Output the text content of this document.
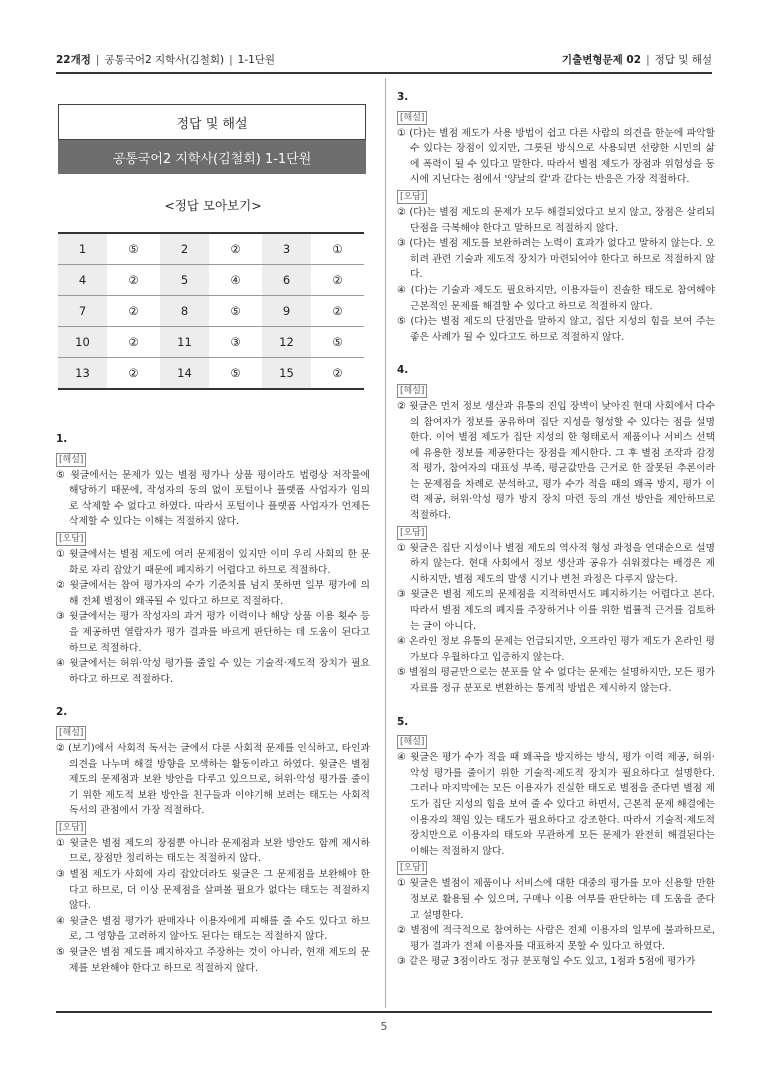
22개정 | 공통국어2 지학사(김철회) | 1-1단원	기출변형문제 02 | 정답 및 해설
정답 및 해설
공통국어2 지학사(김철회) 1-1단원
<정답 모아보기>
1	⑤	2	②	3	①
4	②	5	④	6	②
7	②	8	⑤	9	②
10	②	11	③	12	⑤
13	②	14	⑤	15	②
1.
[해설]
⑤ 윗글에서는 문제가 있는 별점 평가나 상품 평이라도 법령상 저작물에 해당하기 때문에, 작성자의 동의 없이 포털이나 플랫폼 사업자가 임의로 삭제할 수 없다고 하였다. 따라서 포털이나 플랫폼 사업자가 언제든 삭제할 수 있다는 이해는 적절하지 않다.
[오답]
① 윗글에서는 별점 제도에 여러 문제점이 있지만 이미 우리 사회의 한 문화로 자리 잡았기 때문에 폐지하기 어렵다고 하므로 적절하다.
② 윗글에서는 참여 평가자의 수가 기준치를 넘지 못하면 일부 평가에 의해 전체 별점이 왜곡될 수 있다고 하므로 적절하다.
③ 윗글에서는 평가 작성자의 과거 평가 이력이나 해당 상품 이용 횟수 등을 제공하면 열람자가 평가 결과를 바르게 판단하는 데 도움이 된다고 하므로 적절하다.
④ 윗글에서는 허위·악성 평가를 줄일 수 있는 기술적·제도적 장치가 필요하다고 하므로 적절하다.
2.
[해설]
② (보기)에서 사회적 독서는 글에서 다룬 사회적 문제를 인식하고, 타인과 의견을 나누며 해결 방향을 모색하는 활동이라고 하였다. 윗글은 별점 제도의 문제점과 보완 방안을 다루고 있으므로, 허위·악성 평가를 줄이기 위한 제도적 보완 방안을 친구들과 이야기해 보려는 태도는 사회적 독서의 관점에서 가장 적절하다.
[오답]
① 윗글은 별점 제도의 장점뿐 아니라 문제점과 보완 방안도 함께 제시하므로, 장점만 정리하는 태도는 적절하지 않다.
③ 별점 제도가 사회에 자리 잡았더라도 윗글은 그 문제점을 보완해야 한다고 하므로, 더 이상 문제점을 살펴볼 필요가 없다는 태도는 적절하지 않다.
④ 윗글은 별점 평가가 판매자나 이용자에게 피해를 줄 수도 있다고 하므로, 그 영향을 고려하지 않아도 된다는 태도는 적절하지 않다.
⑤ 윗글은 별점 제도를 폐지하자고 주장하는 것이 아니라, 현재 제도의 문제를 보완해야 한다고 하므로 적절하지 않다.
3.
[해설]
① (다)는 별점 제도가 사용 방법이 쉽고 다른 사람의 의견을 한눈에 파악할 수 있다는 장점이 있지만, 그릇된 방식으로 사용되면 선량한 시민의 삶에 폭력이 될 수 있다고 말한다. 따라서 별점 제도가 장점과 위험성을 동시에 지닌다는 점에서 '양날의 칼'과 같다는 반응은 가장 적절하다.
[오답]
② (다)는 별점 제도의 문제가 모두 해결되었다고 보지 않고, 장점은 살리되 단점을 극복해야 한다고 말하므로 적절하지 않다.
③ (다)는 별점 제도를 보완하려는 노력이 효과가 없다고 말하지 않는다. 오히려 관련 기술과 제도적 장치가 마련되어야 한다고 하므로 적절하지 않다.
④ (다)는 기술과 제도도 필요하지만, 이용자들이 진솔한 태도로 참여해야 근본적인 문제를 해결할 수 있다고 하므로 적절하지 않다.
⑤ (다)는 별점 제도의 단점만을 말하지 않고, 집단 지성의 힘을 보여 주는 좋은 사례가 될 수 있다고도 하므로 적절하지 않다.
4.
[해설]
② 윗글은 먼저 정보 생산과 유통의 진입 장벽이 낮아진 현대 사회에서 다수의 참여자가 정보를 공유하며 집단 지성을 형성할 수 있다는 점을 설명한다. 이어 별점 제도가 집단 지성의 한 형태로서 제품이나 서비스 선택에 유용한 정보를 제공한다는 장점을 제시한다. 그 후 별점 조작과 감정적 평가, 참여자의 대표성 부족, 평균값만을 근거로 한 잘못된 추론이라는 문제점을 차례로 분석하고, 평가 수가 적을 때의 왜곡 방지, 평가 이력 제공, 허위·악성 평가 방지 장치 마련 등의 개선 방안을 제안하므로 적절하다.
[오답]
① 윗글은 집단 지성이나 별점 제도의 역사적 형성 과정을 연대순으로 설명하지 않는다. 현대 사회에서 정보 생산과 공유가 쉬워졌다는 배경은 제시하지만, 별점 제도의 발생 시기나 변천 과정은 다루지 않는다.
③ 윗글은 별점 제도의 문제점을 지적하면서도 폐지하기는 어렵다고 본다. 따라서 별점 제도의 폐지를 주장하거나 이를 위한 법률적 근거를 검토하는 글이 아니다.
④ 온라인 정보 유통의 문제는 언급되지만, 오프라인 평가 제도가 온라인 평가보다 우월하다고 입증하지 않는다.
⑤ 별점의 평균만으로는 분포를 알 수 없다는 문제는 설명하지만, 모든 평가 자료를 정규 분포로 변환하는 통계적 방법은 제시하지 않는다.
5.
[해설]
④ 윗글은 평가 수가 적을 때 왜곡을 방지하는 방식, 평가 이력 제공, 허위·악성 평가를 줄이기 위한 기술적·제도적 장치가 필요하다고 설명한다. 그러나 마지막에는 모든 이용자가 진실한 태도로 별점을 준다면 별점 제도가 집단 지성의 힘을 보여 줄 수 있다고 하면서, 근본적 문제 해결에는 이용자의 책임 있는 태도가 필요하다고 강조한다. 따라서 기술적·제도적 장치만으로 이용자의 태도와 무관하게 모든 문제가 완전히 해결된다는 이해는 적절하지 않다.
[오답]
① 윗글은 별점이 제품이나 서비스에 대한 대중의 평가를 모아 신용할 만한 정보로 활용될 수 있으며, 구매나 이용 여부를 판단하는 데 도움을 준다고 설명한다.
② 별점에 적극적으로 참여하는 사람은 전체 이용자의 일부에 불과하므로, 평가 결과가 전체 이용자를 대표하지 못할 수 있다고 하였다.
③ 같은 평균 3점이라도 정규 분포형일 수도 있고, 1점과 5점에 평가가
5
